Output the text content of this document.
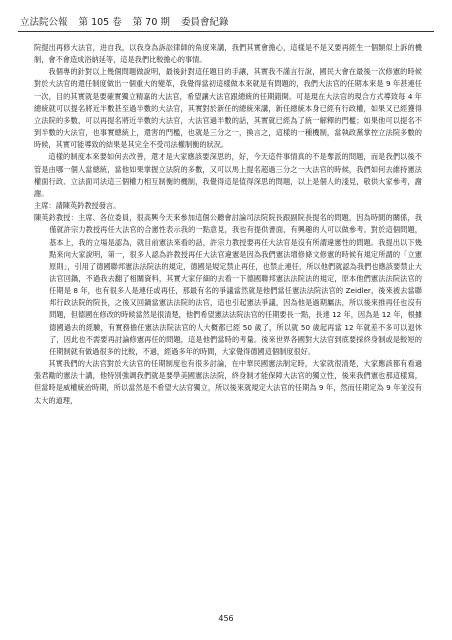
立法院公報 第 105 卷 第 70 期 委員會紀錄

院提出再修大法官，进自我，以我身為訴訟律師的角度來講，我們其實會擔心，這樣是不是又要再經生一個類似上訴的機制，會不會造成浴納延等，這是我們比較擔心的事情。

我個專的針對以上幾個問題做說明，最後針對這任題目的手讓，其實我不謹言行說，國民大會在最後一次修憲的時候對於大法官的還任制度做出一個重大的變革，我覺得當初這樣做本來就是有問題的，我們大法官的任期本來是 9 年甚連任一次，目的其實就是要確實獨立精嘉的大法官，希望讓大法官跟總統的任期錯開。可是現在大法官的現合方式導致每 4 年總統就可以提名將近半數甚至過半數的大法官，其實對於新任的總統來講，新任總統本身已經有行政權，如果又已經獲得立法院的多數，可以再提名將近半數的大法官，大法官過半數的話，其實就已經為了統一解釋的門檻；如果他可以提名不到半數的大法官，也事實總統上，還害的門檻，也就是三分之一，換言之，這樣的一種機制，當執政黨掌控立法院多數的時候，其實可能導致的結果是其完全不受司法權制衡的狀況。

這樣的制度本來要如何去改善，還才是大家應該要深思的，好，今天這件事情真的不是奪派的問題，而是我們以後不管是由哪一個人當總統，當他如果掌握立法院的多數，又可以馬上提名超過三分之一大法官的時候，我們如何去維持憲法權面行政、立法面司法這三個權力相互制衡的機制，我覺得這是值得深思的問題，以上是個人的淺見，敬供大家參考，謝謝。

主席：請陳英鈐教授發言。

陳英鈐教授：主席、各位委員，很高興今天來參加這個公聽會討論司法院院長跟副院長提名的問題，因為時間的關係，我僅就許宗力教授再任大法官的合憲性表示我的一點意見，我也有提供書面，有興趣的人可以做參考。對於這個問題，基本上，我的立場是認為，就目前憲法來看的話，許宗力教授要再任大法官是沒有所謂違憲性的問題。我提出以下幾點來向大家說明，第一，很多人認為許教授再任大法官違憲是因為我們憲法增修條文修憲的時候有規定所謂的「立憲原則」，引用了德國聯邦憲法法院法的規定，德國是規定禁止再任，也禁止連任，所以他們就認為我們也應該要禁止大法官回鍋，不過我去翻了相關資料，其實大家仔細的去看一下德國聯邦憲法法院法的規定，原本他們憲法法院法官的任期是 8 年，也有很多人是連任或再任，那最有名的爭議當然就是他們當任憲法法院法官的 Zeidler，後來被去當聯邦行政法院的院長，之後又回鍋當憲法法院的法官，這也引起憲法爭議，因為他是過期屬法，所以後來推再任也沒有問題，但德國在修改的時候當然是很清楚，他們希望憲法法院法官的任期要長一點，長達 12 年，因為是 12 年，根據德國過去的經驗，有實務擔任憲法法院法官的人大概都已經 50 歲了，所以就 50 歲起再當 12 年就差不多可以退休了，因此也不需要再討論修憲再任的問題，這是他們當時的考量。後來世界各國對大法官到底要採終身制或是較短的任期制就有做過很多的比較，不過，經過多年的時間，大家覺得德國這個制度很好。

其實我們的大法官對於大法官的任期制度也有很多討論，在中華民國憲法制定時，大家就很清楚，大家應該都有看過張君勱的憲法十講，他特別強調我們就是要學美國憲法法院，終身制才能保障大法官的獨立性，後來我們憲也那這樣寫，但當時是威權統治時期，所以當然是不希望大法官獨立，所以後來就規定大法官的任期為 9 年，然而任期定為 9 年並沒有太大的道理，

456
